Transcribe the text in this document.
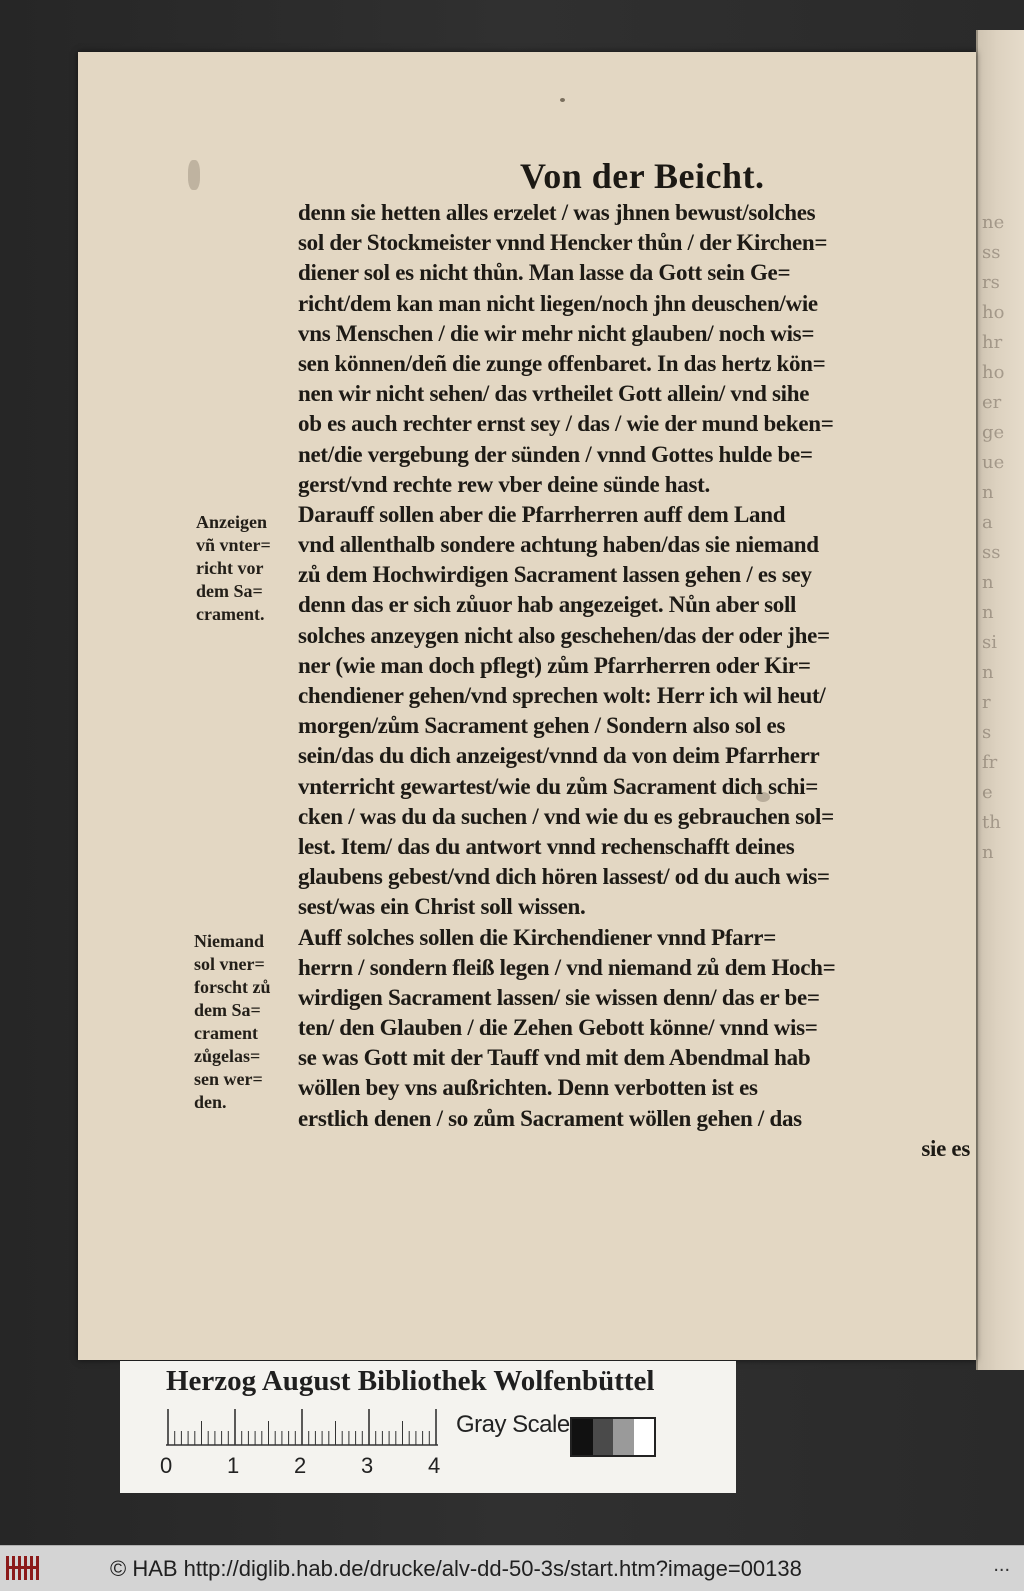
ne
ss
rs
ho
hr
ho
er
ge
ue
n
a
ss
n
n
si
n
r
s
fr
e
th
n
Von der Beicht.
denn sie hetten alles erzelet / was jhnen bewust/solches
sol der Stockmeister vnnd Hencker thůn / der Kirchen=
diener sol es nicht thůn. Man lasse da Gott sein Ge=
richt/dem kan man nicht liegen/noch jhn deuschen/wie
vns Menschen / die wir mehr nicht glauben/ noch wis=
sen können/deñ die zunge offenbaret. In das hertz kön=
nen wir nicht sehen/ das vrtheilet Gott allein/ vnd sihe
ob es auch rechter ernst sey / das / wie der mund beken=
net/die vergebung der sünden / vnnd Gottes hulde be=
gerst/vnd rechte rew vber deine sünde hast.
Darauff sollen aber die Pfarrherren auff dem Land
vnd allenthalb sondere achtung haben/das sie niemand
zů dem Hochwirdigen Sacrament lassen gehen / es sey
denn das er sich zůuor hab angezeiget. Nůn aber soll
solches anzeygen nicht also geschehen/das der oder jhe=
ner (wie man doch pflegt) zům Pfarrherren oder Kir=
chendiener gehen/vnd sprechen wolt: Herr ich wil heut/
morgen/zům Sacrament gehen / Sondern also sol es
sein/das du dich anzeigest/vnnd da von deim Pfarrherr
vnterricht gewartest/wie du zům Sacrament dich schi=
cken / was du da suchen / vnd wie du es gebrauchen sol=
lest. Item/ das du antwort vnnd rechenschafft deines
glaubens gebest/vnd dich hören lassest/ od du auch wis=
sest/was ein Christ soll wissen.
Auff solches sollen die Kirchendiener vnnd Pfarr=
herrn / sondern fleiß legen / vnd niemand zů dem Hoch=
wirdigen Sacrament lassen/ sie wissen denn/ das er be=
ten/ den Glauben / die Zehen Gebott könne/ vnnd wis=
se was Gott mit der Tauff vnd mit dem Abendmal hab
wöllen bey vns außrichten. Denn verbotten ist es
erstlich denen / so zům Sacrament wöllen gehen / das
sie es
Anzeigen
vñ vnter=
richt vor
dem Sa=
crament.
Niemand
sol vner=
forscht zů
dem Sa=
crament
zůgelas=
sen wer=
den.
Herzog August Bibliothek Wolfenbüttel
0 1 2 3 4
Gray Scale
© HAB http://diglib.hab.de/drucke/alv-dd-50-3s/start.htm?image=00138	...
